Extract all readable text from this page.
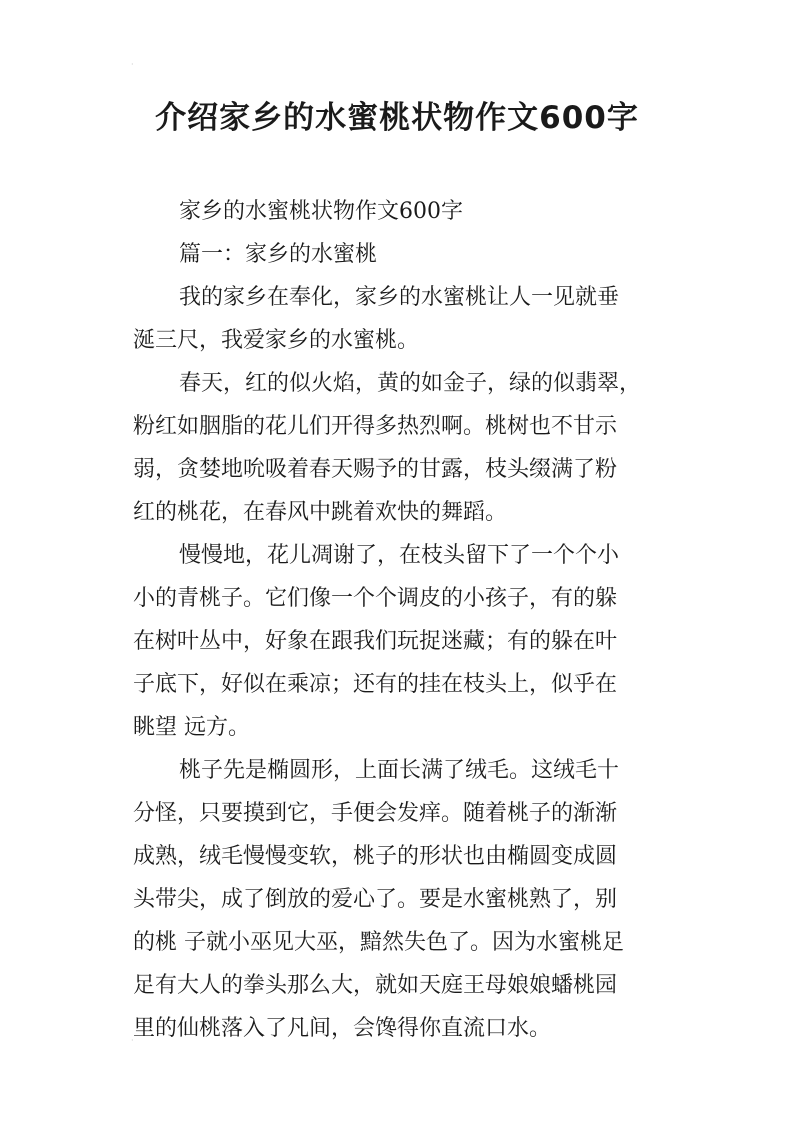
·
介绍家乡的水蜜桃状物作文600字
家乡的水蜜桃状物作文600字
篇一：家乡的水蜜桃
我的家乡在奉化，家乡的水蜜桃让人一见就垂
涎三尺，我爱家乡的水蜜桃。
春天，红的似火焰，黄的如金子，绿的似翡翠，
粉红如胭脂的花儿们开得多热烈啊。桃树也不甘示
弱，贪婪地吮吸着春天赐予的甘露，枝头缀满了粉
红的桃花，在春风中跳着欢快的舞蹈。
慢慢地，花儿凋谢了，在枝头留下了一个个小
小的青桃子。它们像一个个调皮的小孩子，有的躲
在树叶丛中，好象在跟我们玩捉迷藏；有的躲在叶
子底下，好似在乘凉；还有的挂在枝头上，似乎在
眺望 远方。
桃子先是椭圆形，上面长满了绒毛。这绒毛十
分怪，只要摸到它，手便会发痒。随着桃子的渐渐
成熟，绒毛慢慢变软，桃子的形状也由椭圆变成圆
头带尖，成了倒放的爱心了。要是水蜜桃熟了，别
的桃 子就小巫见大巫，黯然失色了。因为水蜜桃足
足有大人的拳头那么大，就如天庭王母娘娘蟠桃园
里的仙桃落入了凡间，会馋得你直流口水。
·
